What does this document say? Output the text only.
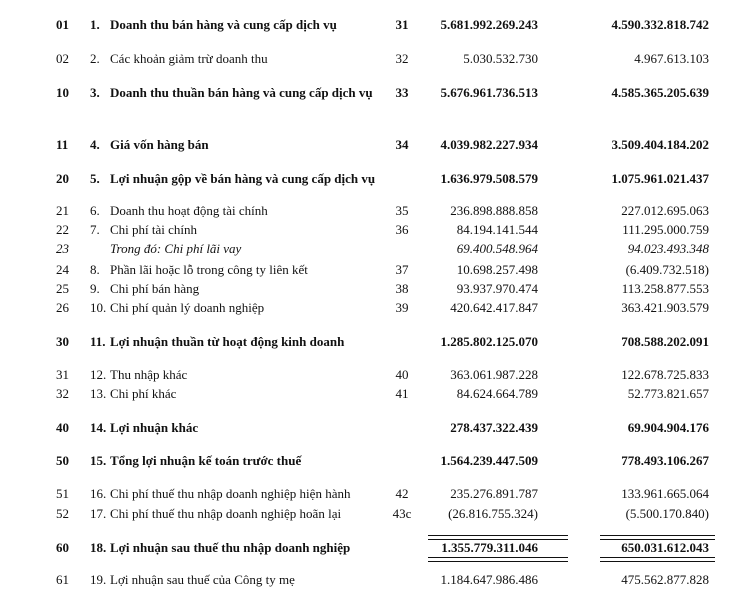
01 1. Doanh thu bán hàng và cung cấp dịch vụ	31	5.681.992.269.243	4.590.332.818.742
02 2. Các khoản giảm trừ doanh thu	32	5.030.532.730	4.967.613.103
10 3. Doanh thu thuần bán hàng và cung cấp dịch vụ	33	5.676.961.736.513	4.585.365.205.639
11 4. Giá vốn hàng bán	34	4.039.982.227.934	3.509.404.184.202
20 5. Lợi nhuận gộp về bán hàng và cung cấp dịch vụ	1.636.979.508.579	1.075.961.021.437
21 6. Doanh thu hoạt động tài chính	35	236.898.888.858	227.012.695.063
22 7. Chi phí tài chính	36	84.194.141.544	111.295.000.759
23	Trong đó: Chi phí lãi vay	69.400.548.964	94.023.493.348
24 8. Phần lãi hoặc lỗ trong công ty liên kết	37	10.698.257.498	(6.409.732.518)
25 9. Chi phí bán hàng	38	93.937.970.474	113.258.877.553
26 10. Chi phí quản lý doanh nghiệp	39	420.642.417.847	363.421.903.579
30 11. Lợi nhuận thuần từ hoạt động kinh doanh	1.285.802.125.070	708.588.202.091
31 12. Thu nhập khác	40	363.061.987.228	122.678.725.833
32 13. Chi phí khác	41	84.624.664.789	52.773.821.657
40 14. Lợi nhuận khác	278.437.322.439	69.904.904.176
50 15. Tổng lợi nhuận kế toán trước thuế	1.564.239.447.509	778.493.106.267
51 16. Chi phí thuế thu nhập doanh nghiệp hiện hành	42	235.276.891.787	133.961.665.064
52 17. Chi phí thuế thu nhập doanh nghiệp hoãn lại	43c	(26.816.755.324)	(5.500.170.840)
60 18. Lợi nhuận sau thuế thu nhập doanh nghiệp	1.355.779.311.046	650.031.612.043
61 19. Lợi nhuận sau thuế của Công ty mẹ	1.184.647.986.486	475.562.877.828
